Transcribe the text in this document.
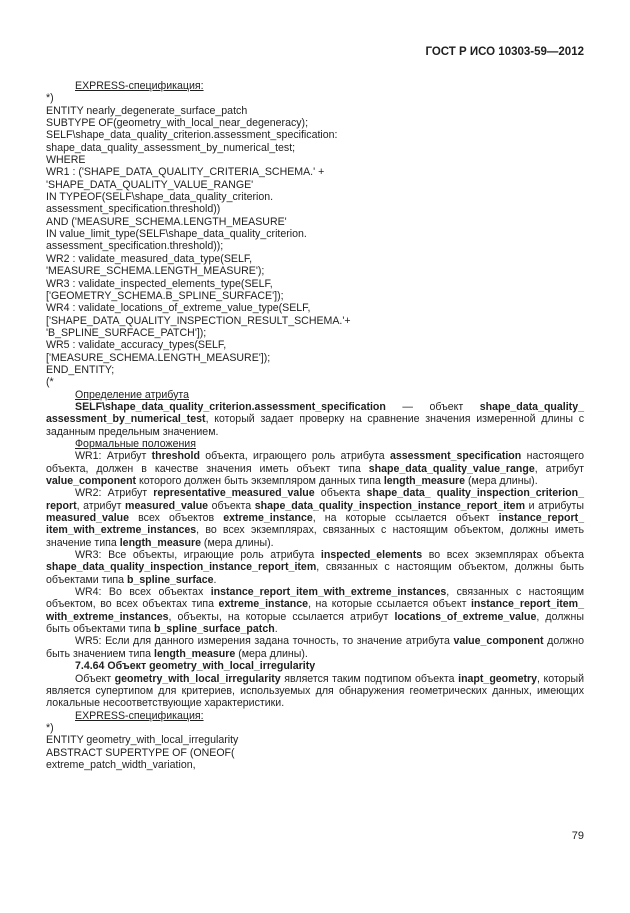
ГОСТ Р ИСО 10303-59—2012

EXPRESS-спецификация:

*)

ENTITY nearly_degenerate_surface_patch

SUBTYPE OF(geometry_with_local_near_degeneracy);

SELF\shape_data_quality_criterion.assessment_specification:

shape_data_quality_assessment_by_numerical_test;

WHERE

WR1 : ('SHAPE_DATA_QUALITY_CRITERIA_SCHEMA.' +

'SHAPE_DATA_QUALITY_VALUE_RANGE'

IN TYPEOF(SELF\shape_data_quality_criterion.

assessment_specification.threshold))

AND ('MEASURE_SCHEMA.LENGTH_MEASURE'

IN value_limit_type(SELF\shape_data_quality_criterion.

assessment_specification.threshold));

WR2 : validate_measured_data_type(SELF,

'MEASURE_SCHEMA.LENGTH_MEASURE');

WR3 : validate_inspected_elements_type(SELF,

['GEOMETRY_SCHEMA.B_SPLINE_SURFACE']);

WR4 : validate_locations_of_extreme_value_type(SELF,

['SHAPE_DATA_QUALITY_INSPECTION_RESULT_SCHEMA.'+

'B_SPLINE_SURFACE_PATCH']);

WR5 : validate_accuracy_types(SELF,

['MEASURE_SCHEMA.LENGTH_MEASURE']);

END_ENTITY;

(*

Определение атрибута

SELF\shape_data_quality_criterion.assessment_specification — объект shape_data_quality_ assessment_by_numerical_test, который задает проверку на сравнение значения измеренной длины с заданным предельным значением.

Формальные положения

WR1: Атрибут threshold объекта, играющего роль атрибута assessment_specification настоящего объекта, должен в качестве значения иметь объект типа shape_data_quality_value_range, атрибут value_component которого должен быть экземпляром данных типа length_measure (мера длины).

WR2: Атрибут representative_measured_value объекта shape_data_ quality_inspection_criterion_ report, атрибут measured_value объекта shape_data_quality_inspection_instance_report_item и атрибуты measured_value всех объектов extreme_instance, на которые ссылается объект instance_report_ item_with_extreme_instances, во всех экземплярах, связанных с настоящим объектом, должны иметь значение типа length_measure (мера длины).

WR3: Все объекты, играющие роль атрибута inspected_elements во всех экземплярах объекта shape_data_quality_inspection_instance_report_item, связанных с настоящим объектом, должны быть объектами типа b_spline_surface.

WR4: Во всех объектах instance_report_item_with_extreme_instances, связанных с настоящим объектом, во всех объектах типа extreme_instance, на которые ссылается объект instance_report_item_ with_extreme_instances, объекты, на которые ссылается атрибут locations_of_extreme_value, должны быть объектами типа b_spline_surface_patch.

WR5: Если для данного измерения задана точность, то значение атрибута value_component должно быть значением типа length_measure (мера длины).

7.4.64 Объект geometry_with_local_irregularity

Объект geometry_with_local_irregularity является таким подтипом объекта inapt_geometry, который является супертипом для критериев, используемых для обнаружения геометрических данных, имеющих локальные несоответствующие характеристики.

EXPRESS-спецификация:

*)

ENTITY geometry_with_local_irregularity

ABSTRACT SUPERTYPE OF (ONEOF(

extreme_patch_width_variation,

79
